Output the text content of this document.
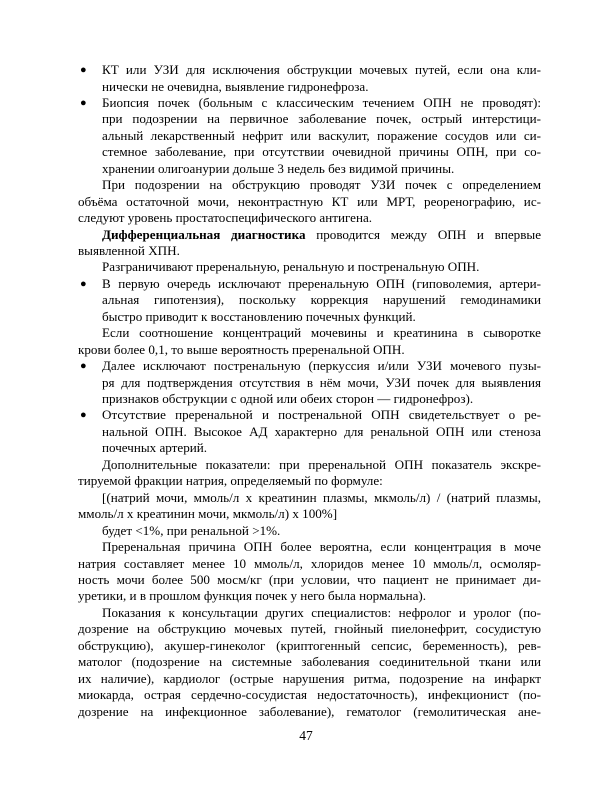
● КТ или УЗИ для исключения обструкции мочевых путей, если она кли-
нически не очевидна, выявление гидронефроза.
● Биопсия почек (больным с классическим течением ОПН не проводят):
при подозрении на первичное заболевание почек, острый интерстици-
альный лекарственный нефрит или васкулит, поражение сосудов или си-
стемное заболевание, при отсутствии очевидной причины ОПН, при со-
хранении олигоанурии дольше 3 недель без видимой причины.
При подозрении на обструкцию проводят УЗИ почек с определением
объёма остаточной мочи, неконтрастную КТ или МРТ, реоренографию, ис-
следуют уровень простатоспецифического антигена.
Дифференциальная диагностика проводится между ОПН и впервые
выявленной ХПН.
Разграничивают преренальную, ренальную и постренальную ОПН.
● В первую очередь исключают преренальную ОПН (гиповолемия, артери-
альная гипотензия), поскольку коррекция нарушений гемодинамики
быстро приводит к восстановлению почечных функций.
Если соотношение концентраций мочевины и креатинина в сыворотке
крови более 0,1, то выше вероятность преренальной ОПН.
● Далее исключают постренальную (перкуссия и/или УЗИ мочевого пузы-
ря для подтверждения отсутствия в нём мочи, УЗИ почек для выявления
признаков обструкции с одной или обеих сторон — гидронефроз).
● Отсутствие преренальной и постренальной ОПН свидетельствует о ре-
нальной ОПН. Высокое АД характерно для ренальной ОПН или стеноза
почечных артерий.
Дополнительные показатели: при преренальной ОПН показатель экскре-
тируемой фракции натрия, определяемый по формуле:
[(натрий мочи, ммоль/л х креатинин плазмы, мкмоль/л) / (натрий плазмы,
ммоль/л х креатинин мочи, мкмоль/л) х 100%]
будет <1%, при ренальной >1%.
Преренальная причина ОПН более вероятна, если концентрация в моче
натрия составляет менее 10 ммоль/л, хлоридов менее 10 ммоль/л, осмоляр-
ность мочи более 500 мосм/кг (при условии, что пациент не принимает ди-
уретики, и в прошлом функция почек у него была нормальна).
Показания к консультации других специалистов: нефролог и уролог (по-
дозрение на обструкцию мочевых путей, гнойный пиелонефрит, сосудистую
обструкцию), акушер-гинеколог (криптогенный сепсис, беременность), рев-
матолог (подозрение на системные заболевания соединительной ткани или
их наличие), кардиолог (острые нарушения ритма, подозрение на инфаркт
миокарда, острая сердечно-сосудистая недостаточность), инфекционист (по-
дозрение на инфекционное заболевание), гематолог (гемолитическая ане-
47
